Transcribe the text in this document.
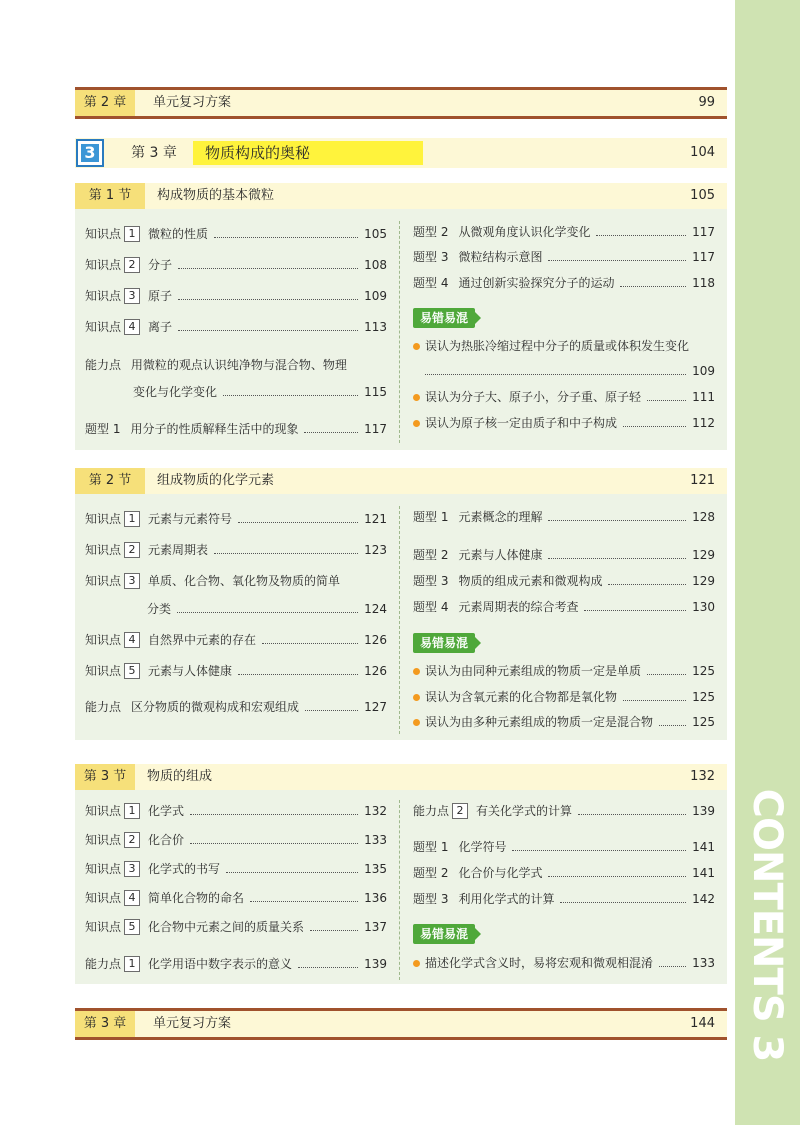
CONTENTS 3
第 2 章	单元复习方案	99
3	第 3 章	物质构成的奥秘	104
第 1 节	构成物质的基本微粒	105
知识点 1	微粒的性质	105
知识点 2	分子	108
知识点 3	原子	109
知识点 4	离子	113
能力点 用微粒的观点认识纯净物与混合物、物理
变化与化学变化	115
题型 1 用分子的性质解释生活中的现象	117
题型 2 从微观角度认识化学变化	117
题型 3 微粒结构示意图	117
题型 4 通过创新实验探究分子的运动	118
易错易混
误认为热胀冷缩过程中分子的质量或体积发生变化
109
误认为分子大、原子小，分子重、原子轻	111
误认为原子核一定由质子和中子构成	112
第 2 节	组成物质的化学元素	121
知识点 1	元素与元素符号	121
知识点 2	元素周期表	123
知识点 3	单质、化合物、氧化物及物质的简单
分类	124
知识点 4	自然界中元素的存在	126
知识点 5	元素与人体健康	126
能力点 区分物质的微观构成和宏观组成	127
题型 1 元素概念的理解	128
题型 2 元素与人体健康	129
题型 3 物质的组成元素和微观构成	129
题型 4 元素周期表的综合考查	130
易错易混
误认为由同种元素组成的物质一定是单质	125
误认为含氧元素的化合物都是氧化物	125
误认为由多种元素组成的物质一定是混合物	125
第 3 节	物质的组成	132
知识点 1	化学式	132
知识点 2	化合价	133
知识点 3	化学式的书写	135
知识点 4	简单化合物的命名	136
知识点 5	化合物中元素之间的质量关系	137
能力点 1	化学用语中数字表示的意义	139
能力点 2	有关化学式的计算	139
题型 1 化学符号	141
题型 2 化合价与化学式	141
题型 3 利用化学式的计算	142
易错易混
描述化学式含义时，易将宏观和微观相混淆	133
第 3 章	单元复习方案	144
